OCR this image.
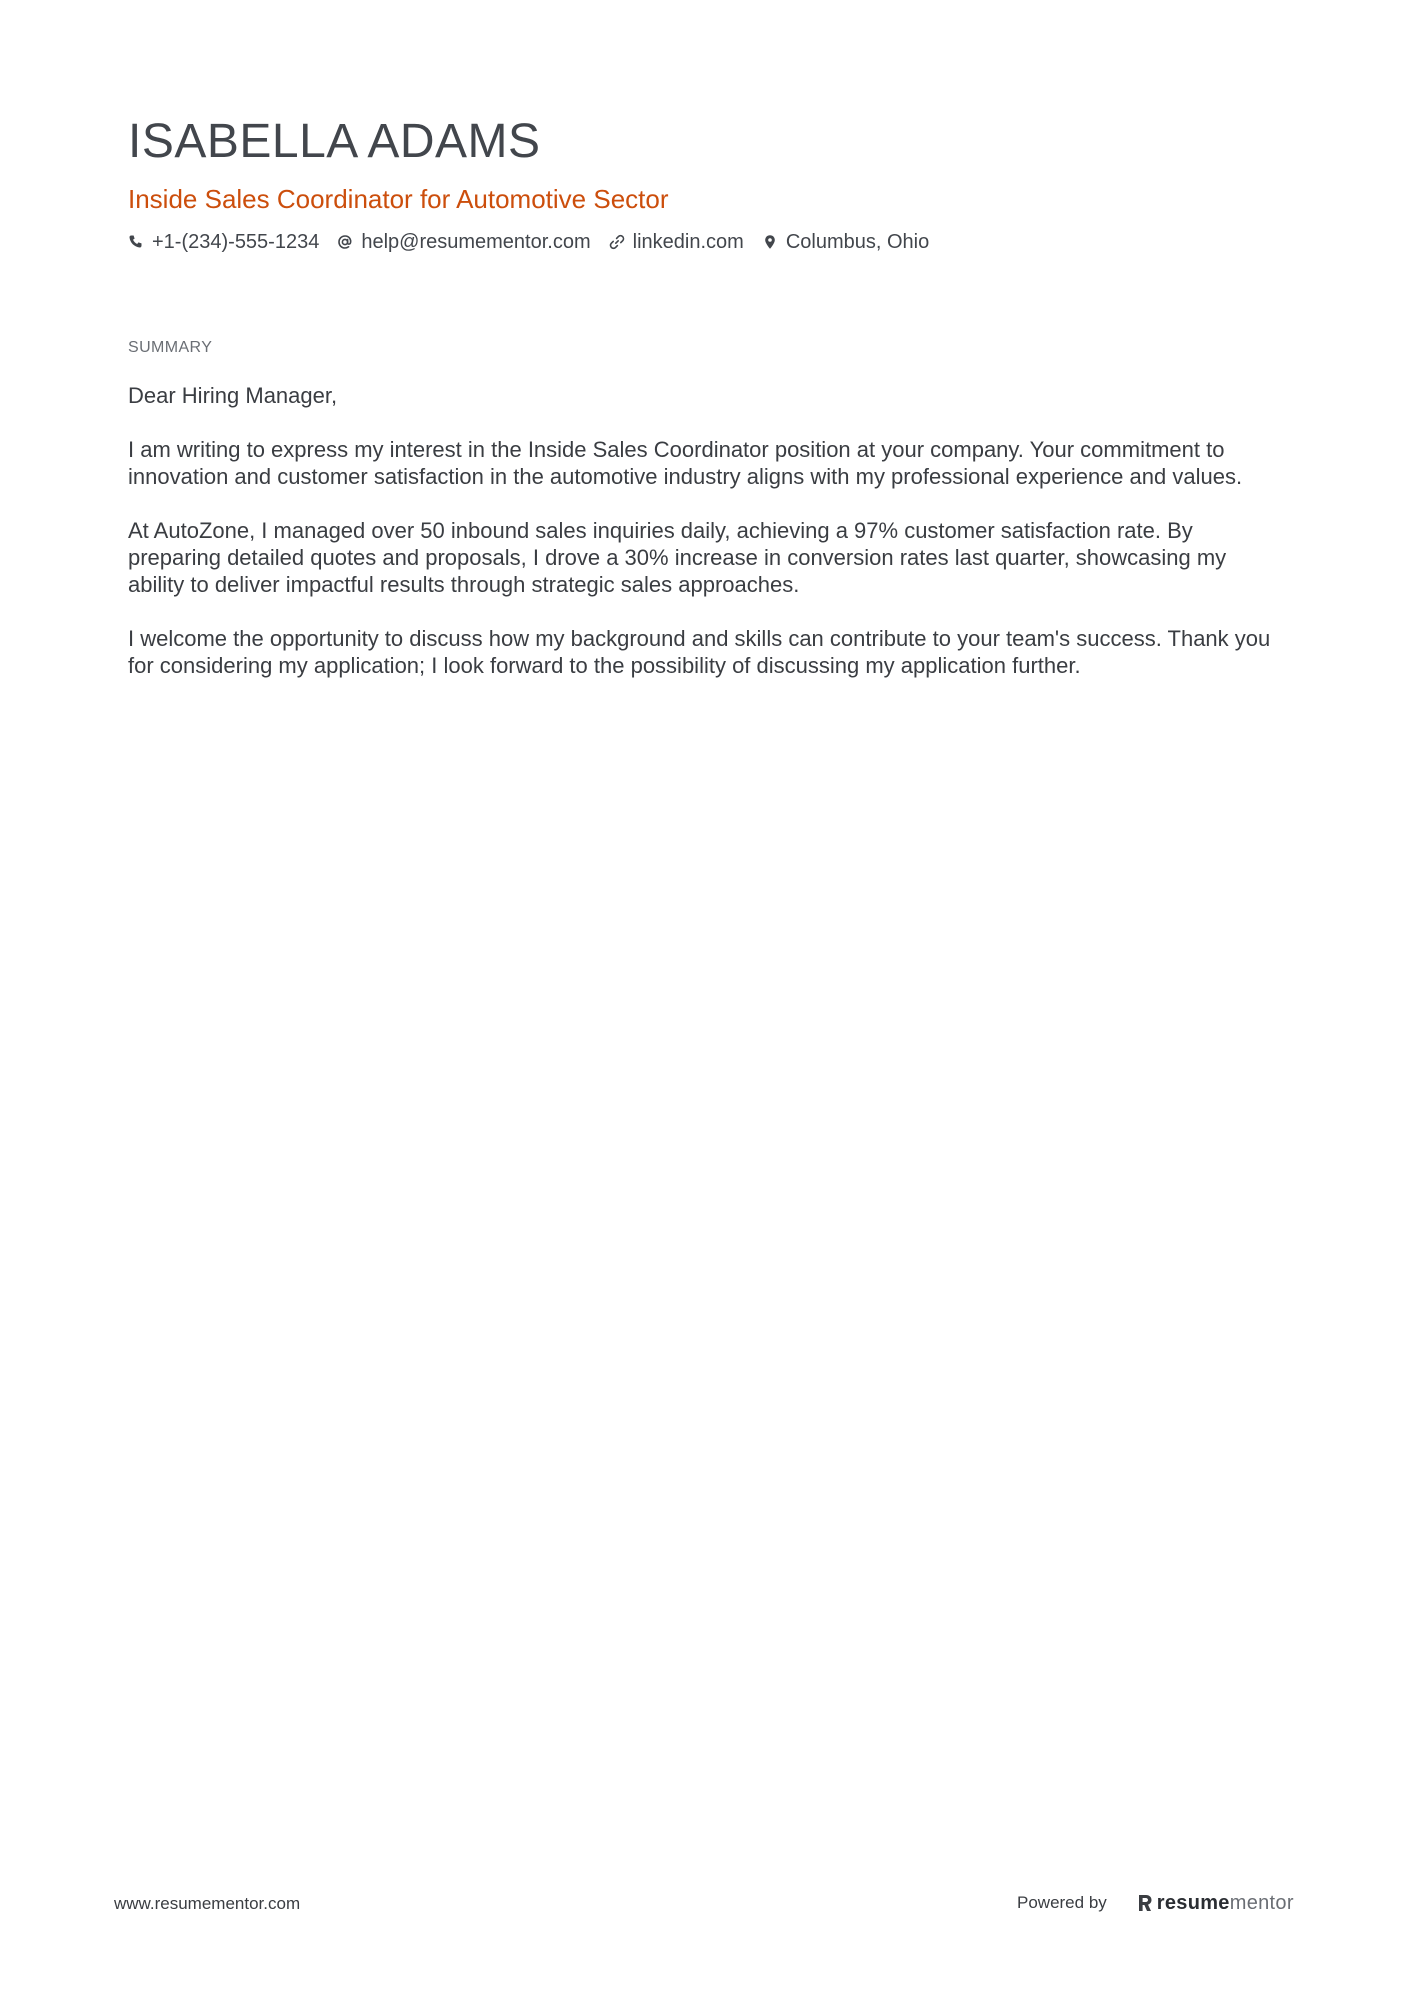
ISABELLA ADAMS
Inside Sales Coordinator for Automotive Sector
+1-(234)-555-1234 help@resumementor.com linkedin.com Columbus, Ohio
SUMMARY

Dear Hiring Manager,

I am writing to express my interest in the Inside Sales Coordinator position at your company. Your commitment to innovation and customer satisfaction in the automotive industry aligns with my professional experience and values.

At AutoZone, I managed over 50 inbound sales inquiries daily, achieving a 97% customer satisfaction rate. By preparing detailed quotes and proposals, I drove a 30% increase in conversion rates last quarter, showcasing my ability to deliver impactful results through strategic sales approaches.

I welcome the opportunity to discuss how my background and skills can contribute to your team's success. Thank you for considering my application; I look forward to the possibility of discussing my application further.

www.resumementor.com	Powered by	resume mentor
